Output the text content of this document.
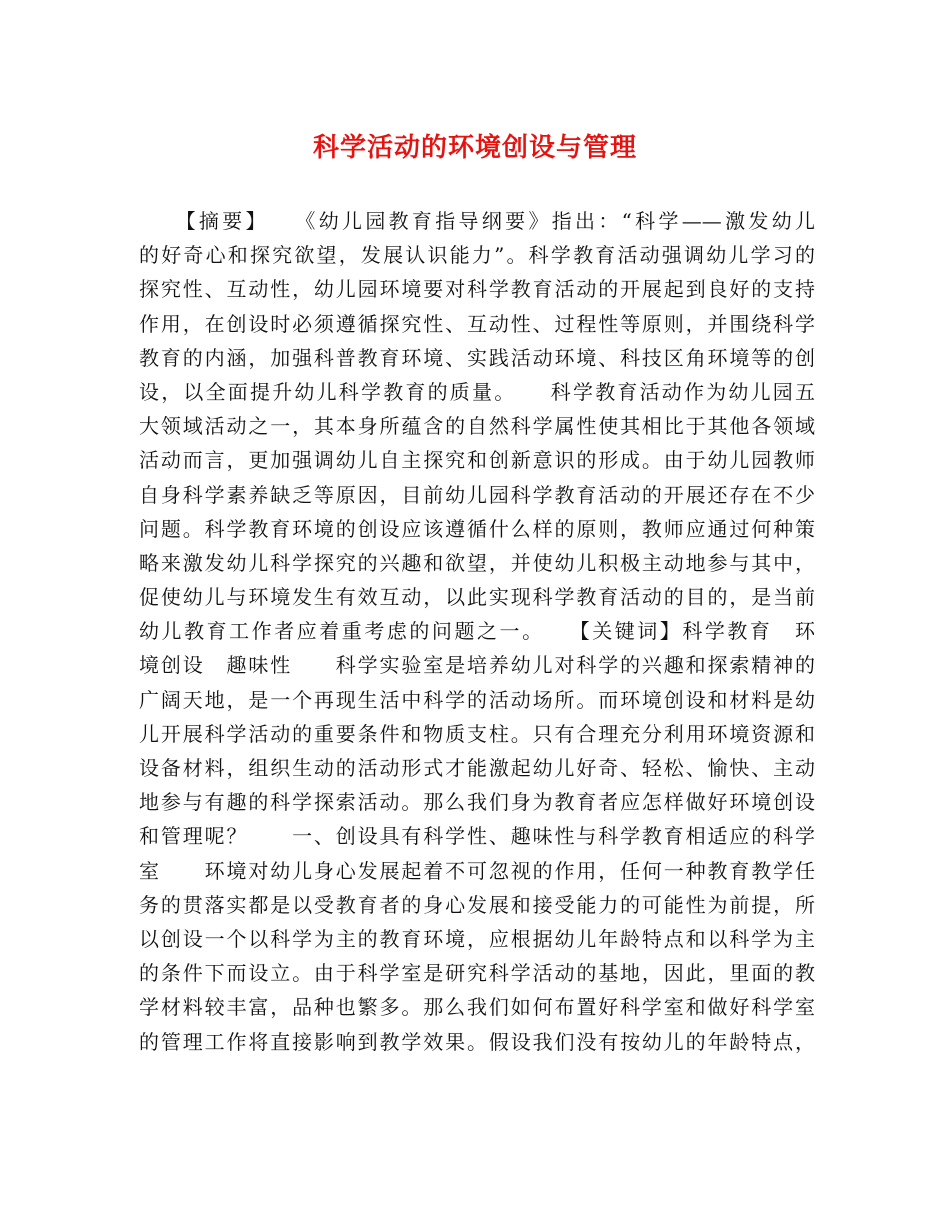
科学活动的环境创设与管理
　　【摘要】　　《幼儿园教育指导纲要》指出：“科学——激发幼儿
的好奇心和探究欲望，发展认识能力”。科学教育活动强调幼儿学习的
探究性、互动性，幼儿园环境要对科学教育活动的开展起到良好的支持
作用，在创设时必须遵循探究性、互动性、过程性等原则，并围绕科学
教育的内涵，加强科普教育环境、实践活动环境、科技区角环境等的创
设，以全面提升幼儿科学教育的质量。　　科学教育活动作为幼儿园五
大领域活动之一，其本身所蕴含的自然科学属性使其相比于其他各领域
活动而言，更加强调幼儿自主探究和创新意识的形成。由于幼儿园教师
自身科学素养缺乏等原因，目前幼儿园科学教育活动的开展还存在不少
问题。科学教育环境的创设应该遵循什么样的原则，教师应通过何种策
略来激发幼儿科学探究的兴趣和欲望，并使幼儿积极主动地参与其中，
促使幼儿与环境发生有效互动，以此实现科学教育活动的目的，是当前
幼儿教育工作者应着重考虑的问题之一。　　【关键词】科学教育　环
境创设　趣味性　　科学实验室是培养幼儿对科学的兴趣和探索精神的
广阔天地，是一个再现生活中科学的活动场所。而环境创设和材料是幼
儿开展科学活动的重要条件和物质支柱。只有合理充分利用环境资源和
设备材料，组织生动的活动形式才能激起幼儿好奇、轻松、愉快、主动
地参与有趣的科学探索活动。那么我们身为教育者应怎样做好环境创设
和管理呢？　　一、创设具有科学性、趣味性与科学教育相适应的科学
室　　环境对幼儿身心发展起着不可忽视的作用，任何一种教育教学任
务的贯落实都是以受教育者的身心发展和接受能力的可能性为前提，所
以创设一个以科学为主的教育环境，应根据幼儿年龄特点和以科学为主
的条件下而设立。由于科学室是研究科学活动的基地，因此，里面的教
学材料较丰富，品种也繁多。那么我们如何布置好科学室和做好科学室
的管理工作将直接影响到教学效果。假设我们没有按幼儿的年龄特点，
